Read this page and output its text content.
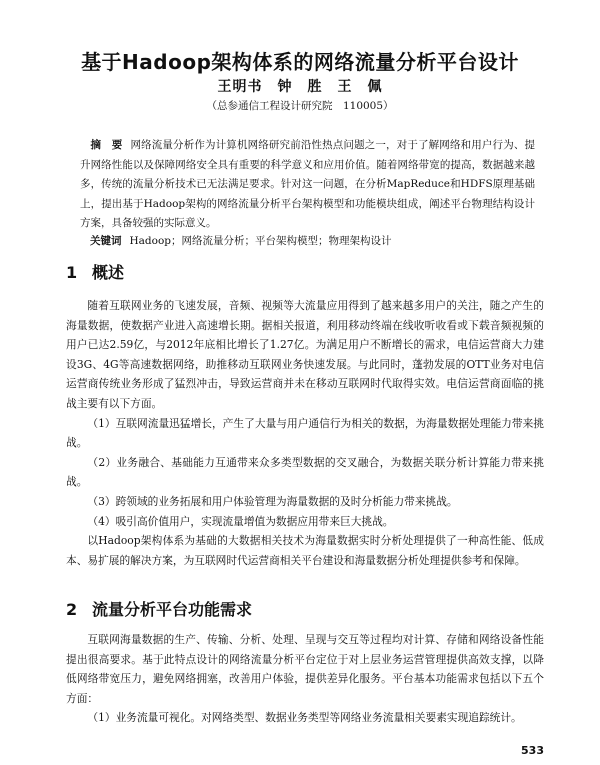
基于Hadoop架构体系的网络流量分析平台设计
王明书　钟　胜　王　佩
（总参通信工程设计研究院　110005）
摘　要 网络流量分析作为计算机网络研究前沿性热点问题之一，对于了解网络和用户行为、提升网络性能以及保障网络安全具有重要的科学意义和应用价值。随着网络带宽的提高，数据越来越多，传统的流量分析技术已无法满足要求。针对这一问题，在分析MapReduce和HDFS原理基础上，提出基于Hadoop架构的网络流量分析平台架构模型和功能模块组成，阐述平台物理结构设计方案，具备较强的实际意义。
关键词 Hadoop；网络流量分析；平台架构模型；物理架构设计
1 概述

随着互联网业务的飞速发展，音频、视频等大流量应用得到了越来越多用户的关注，随之产生的海量数据，使数据产业进入高速增长期。据相关报道，利用移动终端在线收听收看或下载音频视频的用户已达2.59亿，与2012年底相比增长了1.27亿。为满足用户不断增长的需求，电信运营商大力建设3G、4G等高速数据网络，助推移动互联网业务快速发展。与此同时，蓬勃发展的OTT业务对电信运营商传统业务形成了猛烈冲击，导致运营商并未在移动互联网时代取得实效。电信运营商面临的挑战主要有以下方面。

（1）互联网流量迅猛增长，产生了大量与用户通信行为相关的数据，为海量数据处理能力带来挑战。

（2）业务融合、基础能力互通带来众多类型数据的交叉融合，为数据关联分析计算能力带来挑战。

（3）跨领域的业务拓展和用户体验管理为海量数据的及时分析能力带来挑战。

（4）吸引高价值用户，实现流量增值为数据应用带来巨大挑战。

以Hadoop架构体系为基础的大数据相关技术为海量数据实时分析处理提供了一种高性能、低成本、易扩展的解决方案，为互联网时代运营商相关平台建设和海量数据分析处理提供参考和保障。

2 流量分析平台功能需求

互联网海量数据的生产、传输、分析、处理、呈现与交互等过程均对计算、存储和网络设备性能提出很高要求。基于此特点设计的网络流量分析平台定位于对上层业务运营管理提供高效支撑，以降低网络带宽压力，避免网络拥塞，改善用户体验，提供差异化服务。平台基本功能需求包括以下五个方面：

（1）业务流量可视化。对网络类型、数据业务类型等网络业务流量相关要素实现追踪统计。

533
